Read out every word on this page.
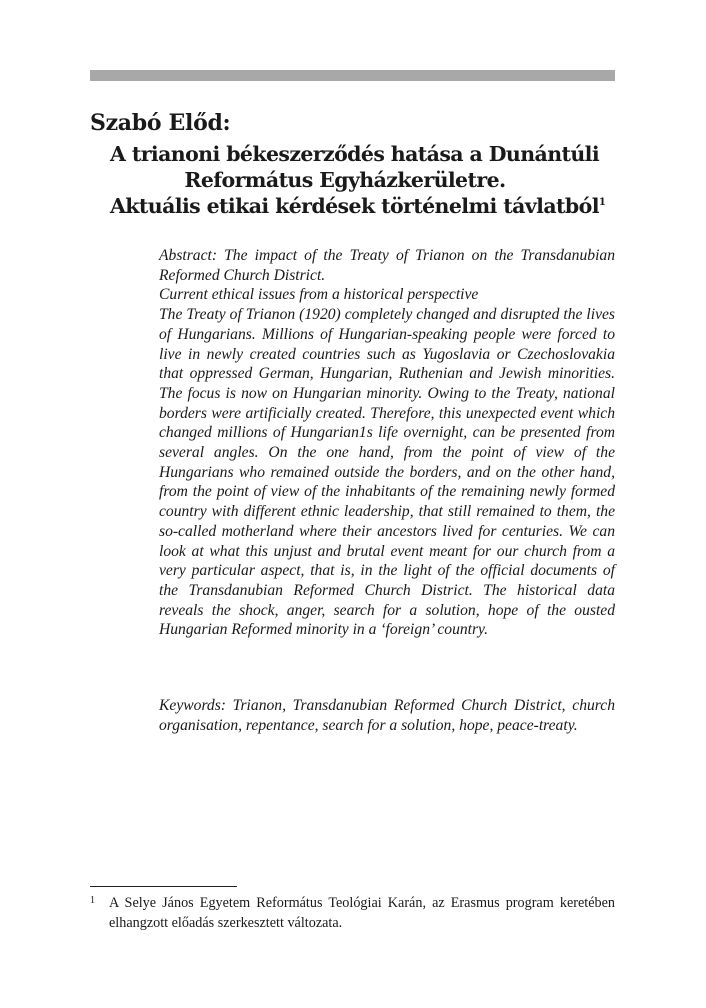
Szabó Előd:
A trianoni békeszerződés hatása a Dunántúli
Református Egyházkerületre.
Aktuális etikai kérdések történelmi távlatból$^1$

Abstract: The impact of the Treaty of Trianon on the Transdanubian Reformed Church District.

Current ethical issues from a historical perspective

The Treaty of Trianon (1920) completely changed and disrupted the lives of Hungarians. Millions of Hungarian-speaking people were forced to live in newly created countries such as Yugoslavia or Czechoslovakia that oppressed German, Hungarian, Ruthenian and Jewish minorities. The focus is now on Hungarian minority. Owing to the Treaty, national borders were artificially created. Therefore, this unexpected event which changed millions of Hungarian1s life overnight, can be presented from several angles. On the one hand, from the point of view of the Hungarians who remained outside the borders, and on the other hand, from the point of view of the inhabitants of the remaining newly formed country with different ethnic leadership, that still remained to them, the so-called motherland where their ancestors lived for centuries. We can look at what this unjust and brutal event meant for our church from a very particular aspect, that is, in the light of the official documents of the Transdanubian Reformed Church District. The historical data reveals the shock, anger, search for a solution, hope of the ousted Hungarian Reformed minority in a ‘foreign’ country.

Keywords: Trianon, Transdanubian Reformed Church District, church organisation, repentance, search for a solution, hope, peace-treaty.

1 A Selye János Egyetem Református Teológiai Karán, az Erasmus program keretében elhangzott előadás szerkesztett változata.
